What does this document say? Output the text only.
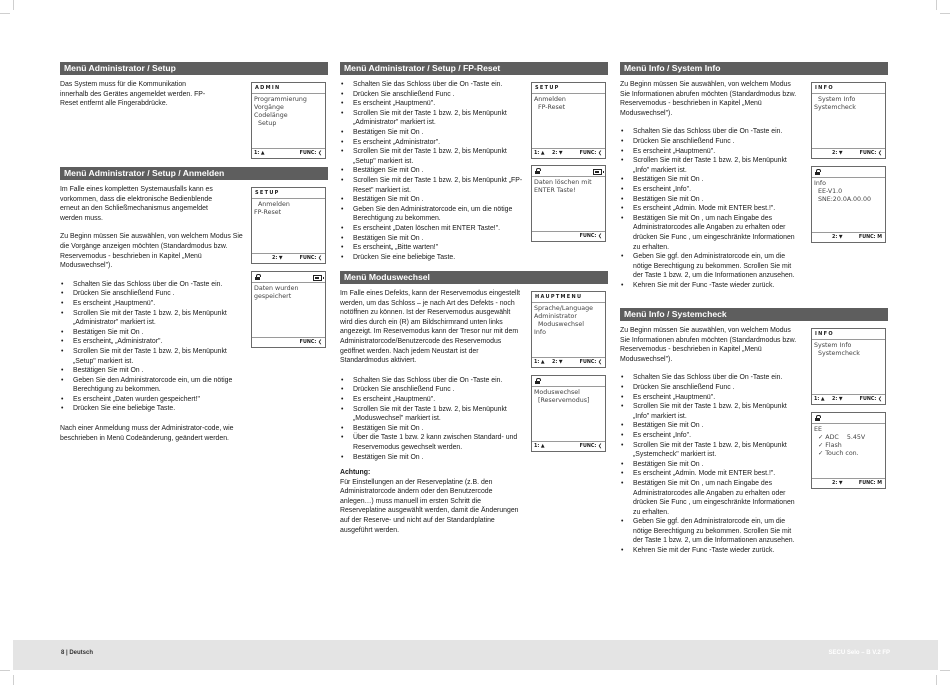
Menü Administrator / Setup
Das System muss für die Kommunikation innerhalb des Gerätes angemeldet werden. FP-Reset entfernt alle Fingerabdrücke.
ADMIN
Programmierung
Vorgänge
Codelänge
Setup
1: ▲	FUNC: ❮
Menü Administrator / Setup / Anmelden
Im Falle eines kompletten Systemausfalls kann es vorkommen, dass die elektronische Bedienblende erneut an den Schließmechanismus angemeldet werden muss.
Zu Beginn müssen Sie auswählen, von welchem Modus Sie die Vorgänge anzeigen möchten (Standardmodus bzw. Reservemodus - beschrieben in Kapitel „Menü Moduswechsel").
• Schalten Sie das Schloss über die On -Taste ein.
• Drücken Sie anschließend Func .
• Es erscheint „Hauptmenü".
• Scrollen Sie mit der Taste 1 bzw. 2, bis Menüpunkt „Administrator" markiert ist.
• Bestätigen Sie mit On .
• Es erscheint„ „Administrator".
• Scrollen Sie mit der Taste 1 bzw. 2, bis Menüpunkt „Setup" markiert ist.
• Bestätigen Sie mit On .
• Geben Sie den Administratorcode ein, um die nötige Berechtigung zu bekommen.
• Es erscheint „Daten wurden gespeichert!"
• Drücken Sie eine beliebige Taste.
Nach einer Anmeldung muss der Administrator-code, wie beschrieben in Menü Codeänderung, geändert werden.
SETUP
Anmelden
FP-Reset
2: ▼	FUNC: ❮
Daten wurden
gespeichert
FUNC: ❮
Menü Administrator / Setup / FP-Reset
• Schalten Sie das Schloss über die On -Taste ein.
• Drücken Sie anschließend Func .
• Es erscheint „Hauptmenü".
• Scrollen Sie mit der Taste 1 bzw. 2, bis Menüpunkt „Administrator" markiert ist.
• Bestätigen Sie mit On .
• Es erscheint „Administrator".
• Scrollen Sie mit der Taste 1 bzw. 2, bis Menüpunkt „Setup" markiert ist.
• Bestätigen Sie mit On .
• Scrollen Sie mit der Taste 1 bzw. 2, bis Menüpunkt „FP-Reset" markiert ist.
• Bestätigen Sie mit On .
• Geben Sie den Administratorcode ein, um die nötige Berechtigung zu bekommen.
• Es erscheint „Daten löschen mit ENTER Taste!".
• Bestätigen Sie mit On .
• Es erscheint„ „Bitte warten!"
• Drücken Sie eine beliebige Taste.
SETUP
Anmelden
FP-Reset
1: ▲ 2: ▼	FUNC: ❮
Daten löschen mit
ENTER Taste!
FUNC: ❮
Menü Moduswechsel
Im Falle eines Defekts, kann der Reservemodus eingestellt werden, um das Schloss – je nach Art des Defekts - noch notöffnen zu können. Ist der Reservemodus ausgewählt wird dies durch ein (R) am Bildschirmrand unten links angezeigt. Im Reservemodus kann der Tresor nur mit dem Administratorcode/Benutzercode des Reservemodus geöffnet werden. Nach jedem Neustart ist der Standardmodus aktiviert.
• Schalten Sie das Schloss über die On -Taste ein.
• Drücken Sie anschließend Func .
• Es erscheint „Hauptmenü".
• Scrollen Sie mit der Taste 1 bzw. 2, bis Menüpunkt „Moduswechsel" markiert ist.
• Bestätigen Sie mit On .
• Über die Taste 1 bzw. 2 kann zwischen Standard- und Reservemodus gewechselt werden.
• Bestätigen Sie mit On .
Achtung:
Für Einstellungen an der Reserveplatine (z.B. den Administratorcode ändern oder den Benutzercode anlegen…) muss manuell im ersten Schritt die Reserveplatine ausgewählt werden, damit die Änderungen auf der Reserve- und nicht auf der Standardplatine ausgeführt werden.
HAUPTMENU
Sprache/Language
Administrator
Moduswechsel
Info
1: ▲ 2: ▼	FUNC: ❮
Moduswechsel
[Reservemodus]
1: ▲	FUNC: ❮
Menü Info / System Info
Zu Beginn müssen Sie auswählen, von welchem Modus Sie Informationen abrufen möchten (Standardmodus bzw. Reservemodus - beschrieben in Kapitel „Menü Moduswechsel").
• Schalten Sie das Schloss über die On -Taste ein.
• Drücken Sie anschließend Func .
• Es erscheint „Hauptmenü".
• Scrollen Sie mit der Taste 1 bzw. 2, bis Menüpunkt „Info" markiert ist.
• Bestätigen Sie mit On .
• Es erscheint „Info".
• Bestätigen Sie mit On .
• Es erscheint „Admin. Mode mit ENTER best.!".
• Bestätigen Sie mit On , um nach Eingabe des Administratorcodes alle Angaben zu erhalten oder drücken Sie Func , um eingeschränkte Informationen zu erhalten.
• Geben Sie ggf. den Administratorcode ein, um die nötige Berechtigung zu bekommen. Scrollen Sie mit der Taste 1 bzw. 2, um die Informationen anzusehen.
• Kehren Sie mit der Func -Taste wieder zurück.
INFO
System Info
Systemcheck
2: ▼	FUNC: ❮
Info
EE-V1.0
SNE:20.0A.00.00
2: ▼	FUNC: M
Menü Info / Systemcheck
Zu Beginn müssen Sie auswählen, von welchem Modus Sie Informationen abrufen möchten (Standardmodus bzw. Reservemodus - beschrieben in Kapitel „Menü Moduswechsel").
• Schalten Sie das Schloss über die On -Taste ein.
• Drücken Sie anschließend Func .
• Es erscheint „Hauptmenü".
• Scrollen Sie mit der Taste 1 bzw. 2, bis Menüpunkt „Info" markiert ist.
• Bestätigen Sie mit On .
• Es erscheint „Info".
• Scrollen Sie mit der Taste 1 bzw. 2, bis Menüpunkt „Systemcheck" markiert ist.
• Bestätigen Sie mit On .
• Es erscheint „Admin. Mode mit ENTER best.!".
• Bestätigen Sie mit On , um nach Eingabe des Administratorcodes alle Angaben zu erhalten oder drücken Sie Func , um eingeschränkte Informationen zu erhalten.
• Geben Sie ggf. den Administratorcode ein, um die nötige Berechtigung zu bekommen. Scrollen Sie mit der Taste 1 bzw. 2, um die Informationen anzusehen.
• Kehren Sie mit der Func -Taste wieder zurück.
INFO
System Info
Systemcheck
1: ▲ 2: ▼	FUNC: ❮
EE
✓ ADC    5.45V
✓ Flash
✓ Touch con.
2: ▼	FUNC: M
8 | Deutsch	SECU Selo – B V.2 FP
